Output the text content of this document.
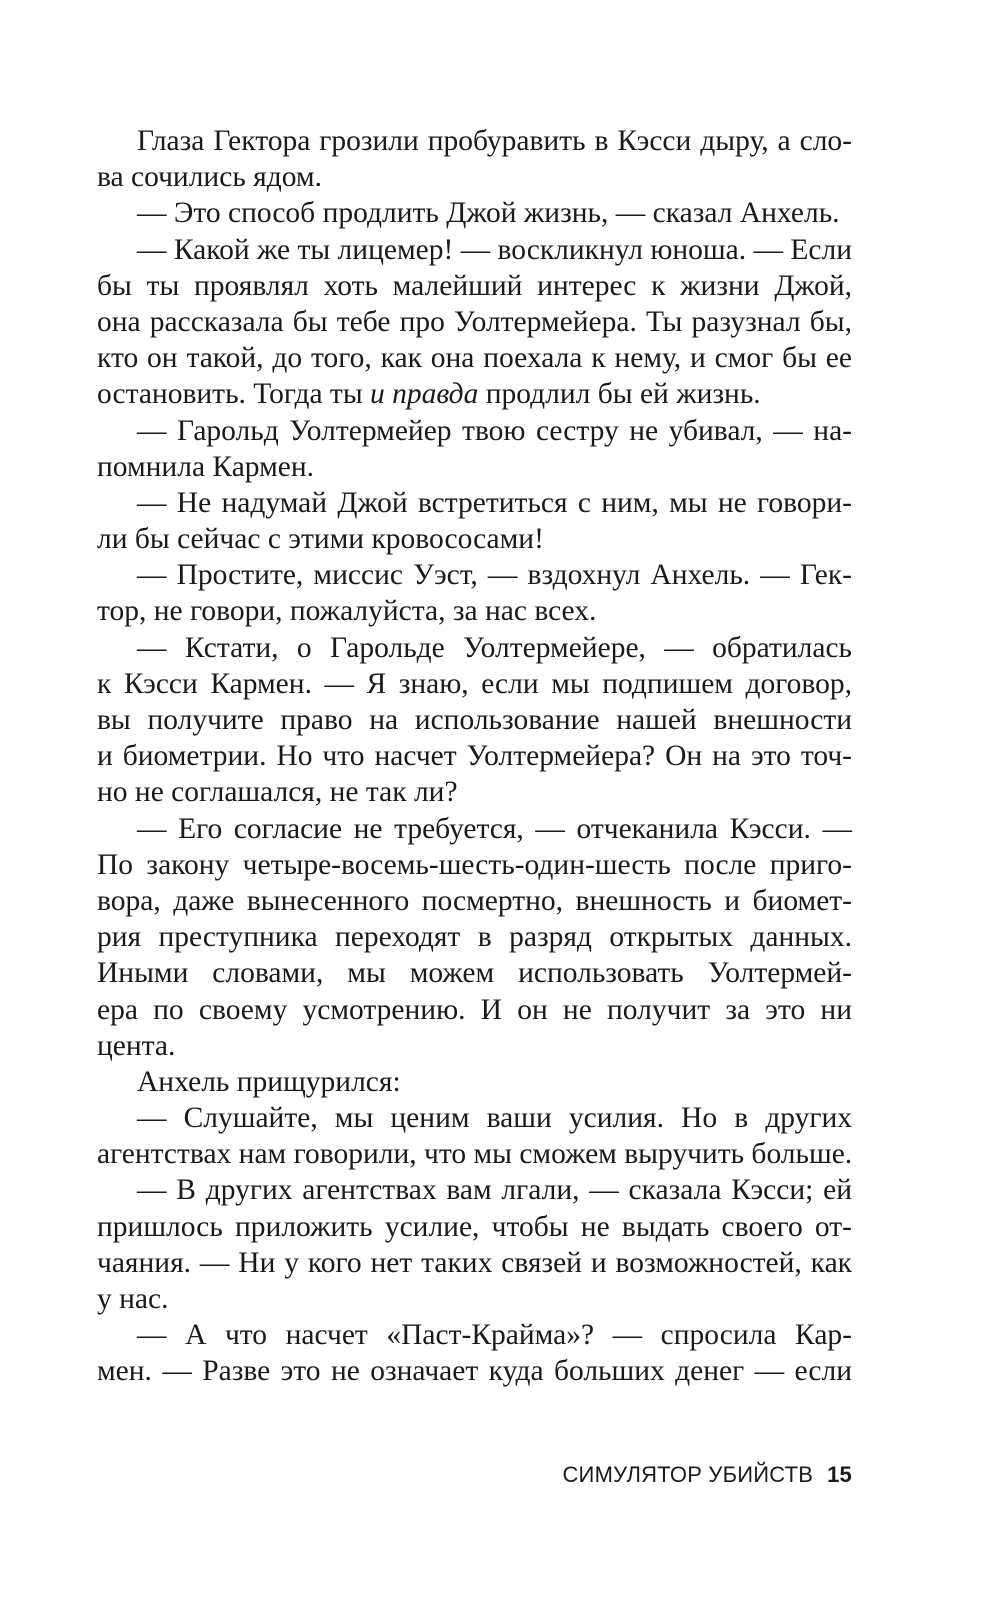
Глаза Гектора грозили пробуравить в Кэсси дыру, а сло-
ва сочились ядом.
— Это способ продлить Джой жизнь, — сказал Анхель.
— Какой же ты лицемер! — воскликнул юноша. — Если
бы ты проявлял хоть малейший интерес к жизни Джой,
она рассказала бы тебе про Уолтермейера. Ты разузнал бы,
кто он такой, до того, как она поехала к нему, и смог бы ее
остановить. Тогда ты и правда продлил бы ей жизнь.
— Гарольд Уолтермейер твою сестру не убивал, — на-
помнила Кармен.
— Не надумай Джой встретиться с ним, мы не говори-
ли бы сейчас с этими кровососами!
— Простите, миссис Уэст, — вздохнул Анхель. — Гек-
тор, не говори, пожалуйста, за нас всех.
— Кстати, о Гарольде Уолтермейере, — обратилась
к Кэсси Кармен. — Я знаю, если мы подпишем договор,
вы получите право на использование нашей внешности
и биометрии. Но что насчет Уолтермейера? Он на это точ-
но не соглашался, не так ли?
— Его согласие не требуется, — отчеканила Кэсси. —
По закону четыре-восемь-шесть-один-шесть после приго-
вора, даже вынесенного посмертно, внешность и биомет-
рия преступника переходят в разряд открытых данных.
Иными словами, мы можем использовать Уолтермей-
ера по своему усмотрению. И он не получит за это ни
цента.
Анхель прищурился:
— Слушайте, мы ценим ваши усилия. Но в других
агентствах нам говорили, что мы сможем выручить больше.
— В других агентствах вам лгали, — сказала Кэсси; ей
пришлось приложить усилие, чтобы не выдать своего от-
чаяния. — Ни у кого нет таких связей и возможностей, как
у нас.
— А что насчет «Паст-Крайма»? — спросила Кар-
мен. — Разве это не означает куда больших денег — если
СИМУЛЯТОР УБИЙСТВ 15
